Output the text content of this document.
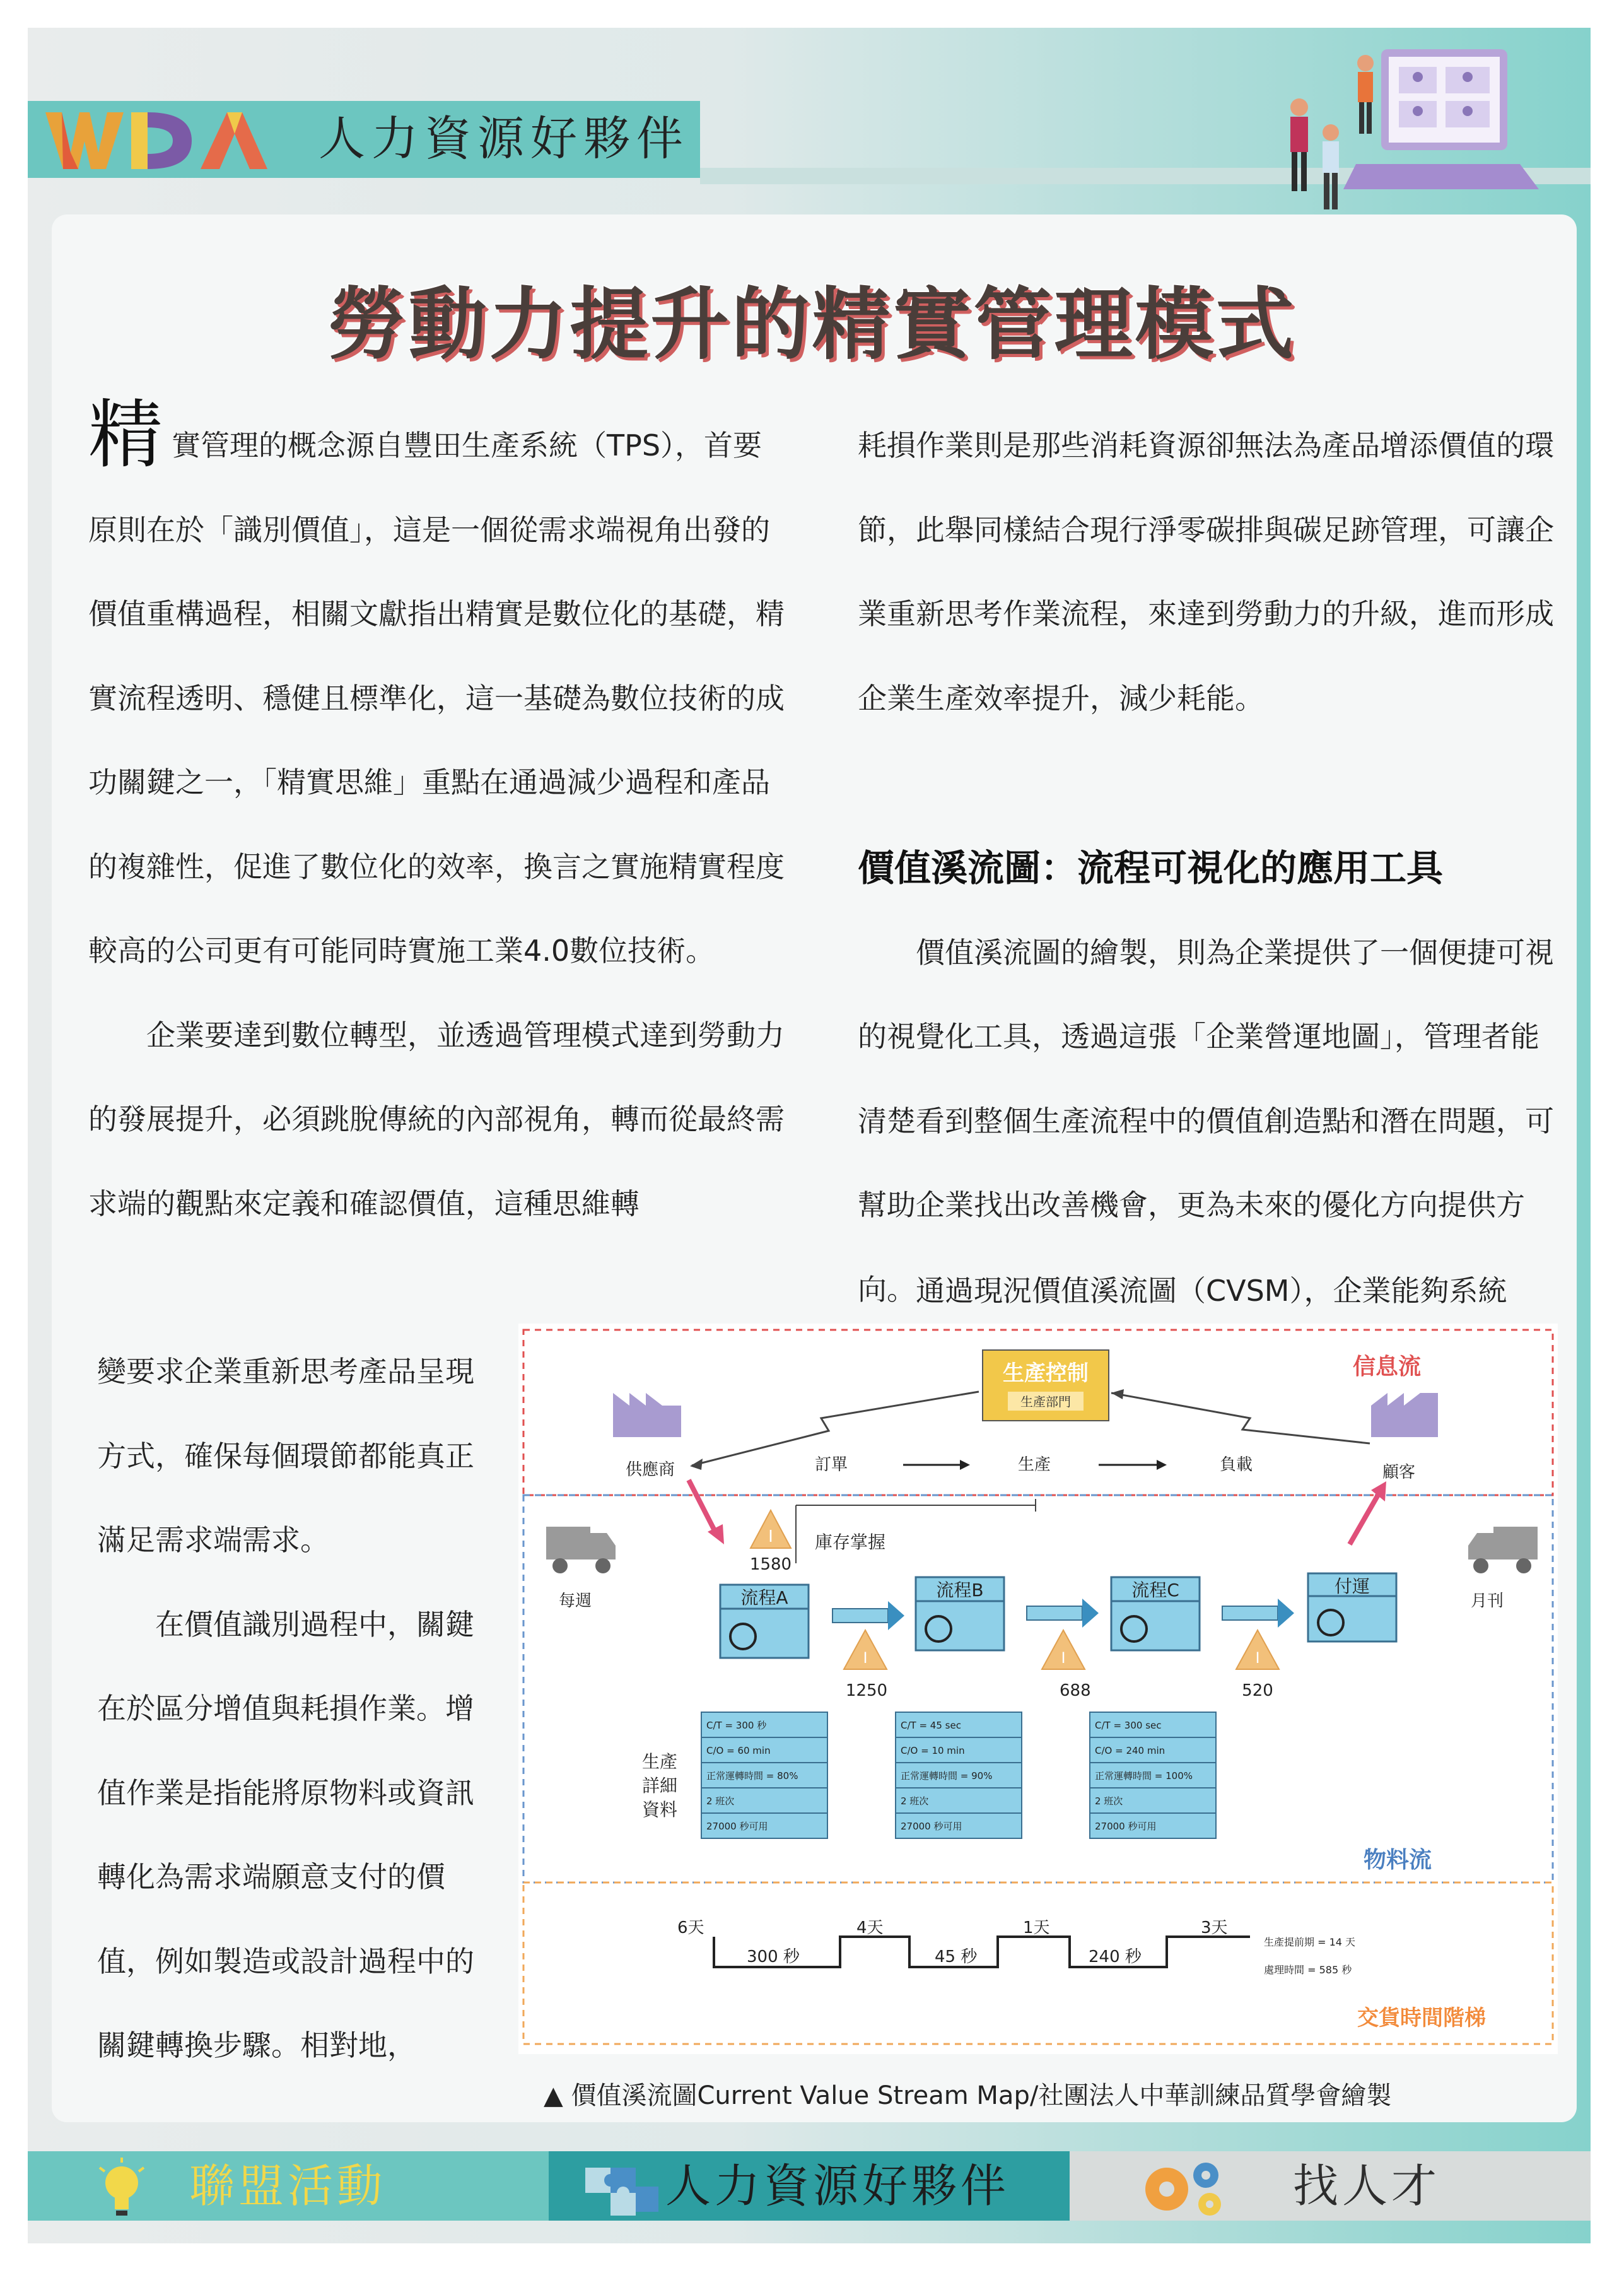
人力資源好夥伴
勞動力提升的精實管理模式

精實管理的概念源自豐田生產系統（TPS），首要原則在於「識別價值」，這是一個從需求端視角出發的價值重構過程，相關文獻指出精實是數位化的基礎，精實流程透明、穩健且標準化，這一基礎為數位技術的成功關鍵之一，「精實思維」重點在通過減少過程和產品的複雜性，促進了數位化的效率，換言之實施精實程度較高的公司更有可能同時實施工業4.0數位技術。

企業要達到數位轉型，並透過管理模式達到勞動力的發展提升，必須跳脫傳統的內部視角，轉而從最終需求端的觀點來定義和確認價值，這種思維轉

變要求企業重新思考產品呈現方式，確保每個環節都能真正滿足需求端需求。

在價值識別過程中，關鍵在於區分增值與耗損作業。增值作業是指能將原物料或資訊轉化為需求端願意支付的價值，例如製造或設計過程中的關鍵轉換步驟。相對地，

耗損作業則是那些消耗資源卻無法為產品增添價值的環節，此舉同樣結合現行淨零碳排與碳足跡管理，可讓企業重新思考作業流程，來達到勞動力的升級，進而形成企業生產效率提升，減少耗能。

價值溪流圖：流程可視化的應用工具

價值溪流圖的繪製，則為企業提供了一個便捷可視的視覺化工具，透過這張「企業營運地圖」，管理者能清楚看到整個生產流程中的價值創造點和潛在問題，可幫助企業找出改善機會，更為未來的優化方向提供方向。 通過現況價值溪流圖（CVSM），企業能夠系統

信息流
物料流
交貨時間階梯
生產控制
生產部門
供應商	顧客
訂單	生產	負載
I
1580
庫存掌握
每週	月刊
流程A	流程B	流程C	付運
I
1250
I
688
I
520
生產
詳細
資料
C/T = 300 秒
C/O = 60 min
正常運轉時間 = 80%
2 班次
27000 秒可用
C/T = 45 sec
C/O = 10 min
正常運轉時間 = 90%
2 班次
27000 秒可用
C/T = 300 sec
C/O = 240 min
正常運轉時間 = 100%
2 班次
27000 秒可用
6天	4天	1天	3天
300 秒	45 秒	240 秒
生產提前期 = 14 天
處理時間 = 585 秒
▲ 價值溪流圖Current Value Stream Map/社團法人中華訓練品質學會繪製
聯盟活動	人力資源好夥伴	找人才
